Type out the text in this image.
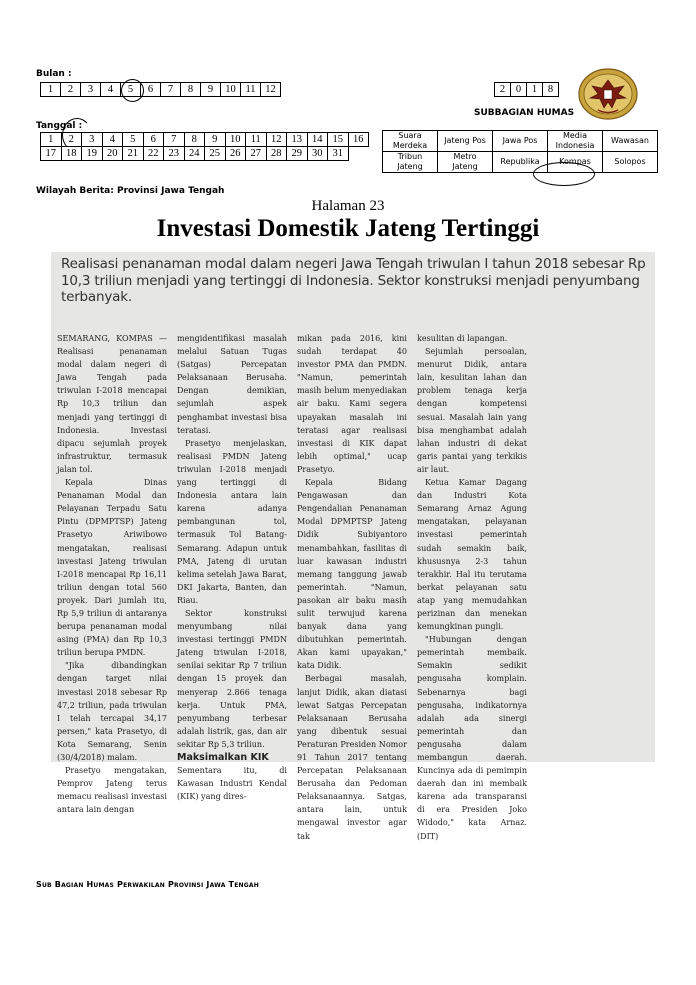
Bulan :
1	2	3	4	5	6	7	8	9	10	11	12
Tanggal :
1	2	3	4	5	6	7	8	9	10	11	12	13	14	15	16
17	18	19	20	21	22	23	24	25	26	27	28	29	30	31	
Wilayah Berita: Provinsi Jawa Tengah
2	0	1	8
SUBBAGIAN HUMAS
Suara Merdeka	Jateng Pos	Jawa Pos	Media Indonesia	Wawasan
Tribun Jateng	Metro Jateng	Republika	Kompas	Solopos
Halaman 23
Investasi Domestik Jateng Tertinggi
Realisasi penanaman modal dalam negeri Jawa Tengah triwulan I tahun 2018 sebesar Rp 10,3 triliun menjadi yang tertinggi di Indonesia. Sektor konstruksi menjadi penyumbang terbanyak.

SEMARANG, KOMPAS — Realisasi penanaman modal dalam negeri di Jawa Tengah pada triwulan I-2018 mencapai Rp 10,3 triliun dan menjadi yang tertinggi di Indonesia. Investasi dipacu sejumlah proyek infrastruktur, termasuk jalan tol.

Kepala Dinas Penanaman Modal dan Pelayanan Terpadu Satu Pintu (DPMPTSP) Jateng Prasetyo Ariwibowo mengatakan, realisasi investasi Jateng triwulan I-2018 mencapai Rp 16,11 triliun dengan total 560 proyek. Dari jumlah itu, Rp 5,9 triliun di antaranya berupa penanaman modal asing (PMA) dan Rp 10,3 triliun berupa PMDN.

"Jika dibandingkan dengan target nilai investasi 2018 sebesar Rp 47,2 triliun, pada triwulan I telah tercapai 34,17 persen," kata Prasetyo, di Kota Semarang, Senin (30/4/2018) malam.

Prasetyo mengatakan, Pemprov Jateng terus memacu realisasi investasi antara lain dengan

mengidentifikasi masalah melalui Satuan Tugas (Satgas) Percepatan Pelaksanaan Berusaha. Dengan demikian, sejumlah aspek penghambat investasi bisa teratasi.

Prasetyo menjelaskan, realisasi PMDN Jateng triwulan I-2018 menjadi yang tertinggi di Indonesia antara lain karena adanya pembangunan tol, termasuk Tol Batang-Semarang. Adapun untuk PMA, Jateng di urutan kelima setelah Jawa Barat, DKI Jakarta, Banten, dan Riau.

Sektor konstruksi menyumbang nilai investasi tertinggi PMDN Jateng triwulan I-2018, senilai sekitar Rp 7 triliun dengan 15 proyek dan menyerap 2.866 tenaga kerja. Untuk PMA, penyumbang terbesar adalah listrik, gas, dan air sekitar Rp 5,3 triliun.

Maksimalkan KIK

Sementara itu, di Kawasan Industri Kendal (KIK) yang dires-

mikan pada 2016, kini sudah terdapat 40 investor PMA dan PMDN. "Namun, pemerintah masih belum menyediakan air baku. Kami segera upayakan masalah ini teratasi agar realisasi investasi di KIK dapat lebih optimal," ucap Prasetyo.

Kepala Bidang Pengawasan dan Pengendalian Penanaman Modal DPMPTSP Jateng Didik Subiyantoro menambahkan, fasilitas di luar kawasan industri memang tanggung jawab pemerintah. "Namun, pasokan air baku masih sulit terwujud karena banyak dana yang dibutuhkan pemerintah. Akan kami upayakan," kata Didik.

Berbagai masalah, lanjut Didik, akan diatasi lewat Satgas Percepatan Pelaksanaan Berusaha yang dibentuk sesuai Peraturan Presiden Nomor 91 Tahun 2017 tentang Percepatan Pelaksanaan Berusaha dan Pedoman Pelaksanaannya. Satgas, antara lain, untuk mengawal investor agar tak

kesulitan di lapangan.

Sejumlah persoalan, menurut Didik, antara lain, kesulitan lahan dan problem tenaga kerja dengan kompetensi sesuai. Masalah lain yang bisa menghambat adalah lahan industri di dekat garis pantai yang terkikis air laut.

Ketua Kamar Dagang dan Industri Kota Semarang Arnaz Agung mengatakan, pelayanan investasi pemerintah sudah semakin baik, khususnya 2-3 tahun terakhir. Hal itu terutama berkat pelayanan satu atap yang memudahkan perizinan dan menekan kemungkinan pungli.

"Hubungan dengan pemerintah membaik. Semakin sedikit pengusaha komplain. Sebenarnya bagi pengusaha, indikatornya adalah ada sinergi pemerintah dan pengusaha dalam membangun daerah. Kuncinya ada di pemimpin daerah dan ini membaik karena ada transparansi di era Presiden Joko Widodo," kata Arnaz. (DIT)

Sub Bagian Humas Perwakilan Provinsi Jawa Tengah
